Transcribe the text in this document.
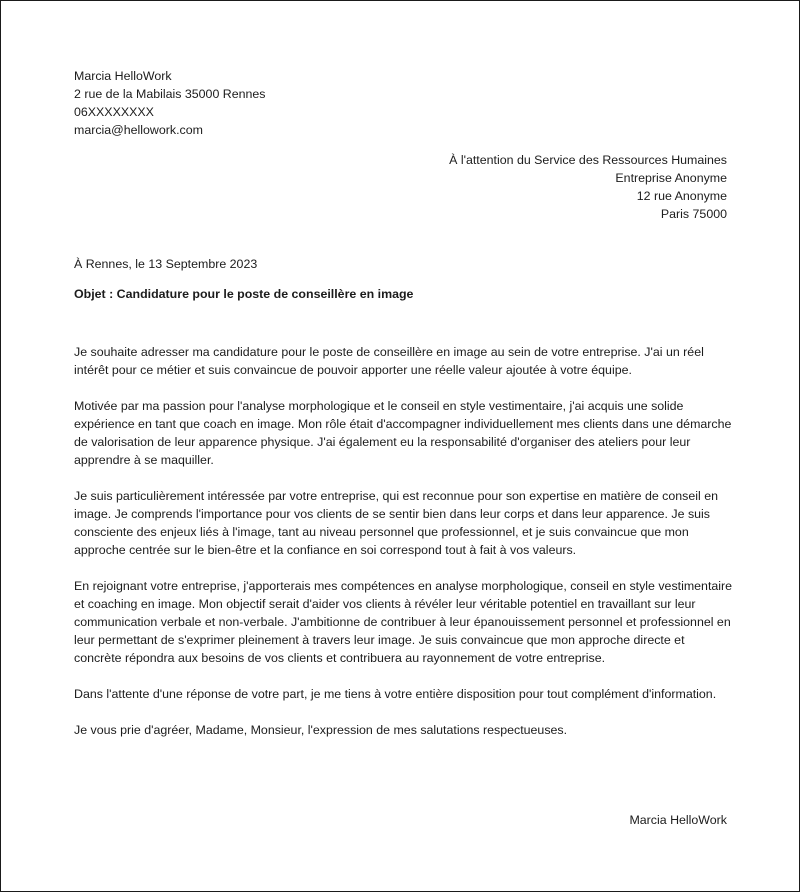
Marcia HelloWork
2 rue de la Mabilais 35000 Rennes
06XXXXXXXX
marcia@hellowork.com
À l'attention du Service des Ressources Humaines
Entreprise Anonyme
12 rue Anonyme
Paris 75000
À Rennes, le 13 Septembre 2023
Objet : Candidature pour le poste de conseillère en image

Je souhaite adresser ma candidature pour le poste de conseillère en image au sein de votre entreprise. J'ai un réel intérêt pour ce métier et suis convaincue de pouvoir apporter une réelle valeur ajoutée à votre équipe.

Motivée par ma passion pour l'analyse morphologique et le conseil en style vestimentaire, j'ai acquis une solide expérience en tant que coach en image. Mon rôle était d'accompagner individuellement mes clients dans une démarche de valorisation de leur apparence physique. J'ai également eu la responsabilité d'organiser des ateliers pour leur apprendre à se maquiller.

Je suis particulièrement intéressée par votre entreprise, qui est reconnue pour son expertise en matière de conseil en image. Je comprends l'importance pour vos clients de se sentir bien dans leur corps et dans leur apparence. Je suis consciente des enjeux liés à l'image, tant au niveau personnel que professionnel, et je suis convaincue que mon approche centrée sur le bien-être et la confiance en soi correspond tout à fait à vos valeurs.

En rejoignant votre entreprise, j'apporterais mes compétences en analyse morphologique, conseil en style vestimentaire et coaching en image. Mon objectif serait d'aider vos clients à révéler leur véritable potentiel en travaillant sur leur communication verbale et non-verbale. J'ambitionne de contribuer à leur épanouissement personnel et professionnel en leur permettant de s'exprimer pleinement à travers leur image. Je suis convaincue que mon approche directe et concrète répondra aux besoins de vos clients et contribuera au rayonnement de votre entreprise.

Dans l'attente d'une réponse de votre part, je me tiens à votre entière disposition pour tout complément d'information.

Je vous prie d'agréer, Madame, Monsieur, l'expression de mes salutations respectueuses.

Marcia HelloWork
